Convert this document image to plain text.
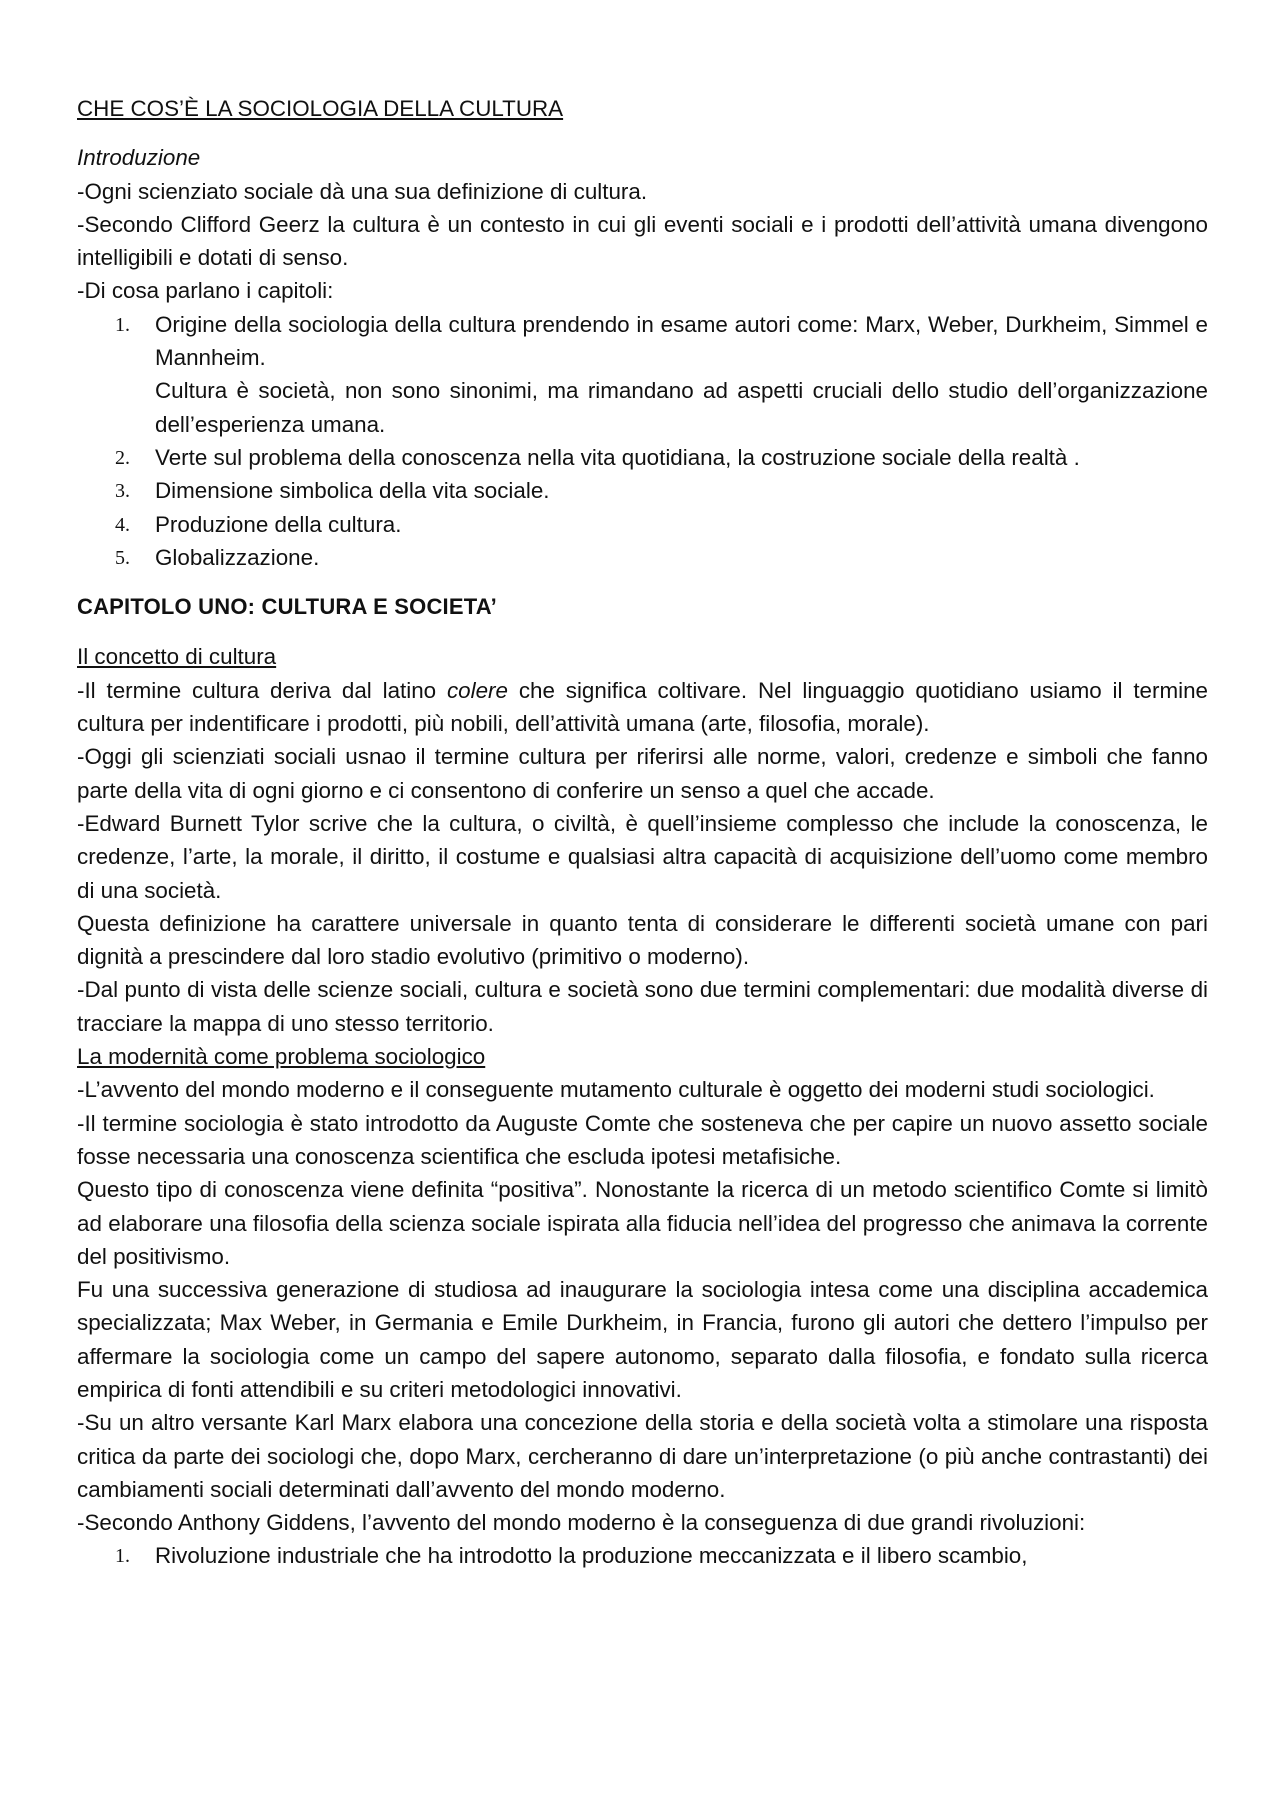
CHE COS’È LA SOCIOLOGIA DELLA CULTURA

Introduzione

-Ogni scienziato sociale dà una sua definizione di cultura.

-Secondo Clifford Geerz la cultura è un contesto in cui gli eventi sociali e i prodotti dell’attività umana divengono intelligibili e dotati di senso.

-Di cosa parlano i capitoli:

1. Origine della sociologia della cultura prendendo in esame autori come: Marx, Weber, Durkheim, Simmel e Mannheim.
Cultura è società, non sono sinonimi, ma rimandano ad aspetti cruciali dello studio dell’organizzazione dell’esperienza umana.
2. Verte sul problema della conoscenza nella vita quotidiana, la costruzione sociale della realtà .
3. Dimensione simbolica della vita sociale.
4. Produzione della cultura.
5. Globalizzazione.
CAPITOLO UNO: CULTURA E SOCIETA’

Il concetto di cultura

-Il termine cultura deriva dal latino colere che significa coltivare. Nel linguaggio quotidiano usiamo il termine cultura per indentificare i prodotti, più nobili, dell’attività umana (arte, filosofia, morale).

-Oggi gli scienziati sociali usnao il termine cultura per riferirsi alle norme, valori, credenze e simboli che fanno parte della vita di ogni giorno e ci consentono di conferire un senso a quel che accade.

-Edward Burnett Tylor scrive che la cultura, o civiltà, è quell’insieme complesso che include la conoscenza, le credenze, l’arte, la morale, il diritto, il costume e qualsiasi altra capacità di acquisizione dell’uomo come membro di una società.

Questa definizione ha carattere universale in quanto tenta di considerare le differenti società umane con pari dignità a prescindere dal loro stadio evolutivo (primitivo o moderno).

-Dal punto di vista delle scienze sociali, cultura e società sono due termini complementari: due modalità diverse di tracciare la mappa di uno stesso territorio.

La modernità come problema sociologico

-L’avvento del mondo moderno e il conseguente mutamento culturale è oggetto dei moderni studi sociologici.

-Il termine sociologia è stato introdotto da Auguste Comte che sosteneva che per capire un nuovo assetto sociale fosse necessaria una conoscenza scientifica che escluda ipotesi metafisiche.

Questo tipo di conoscenza viene definita “positiva”. Nonostante la ricerca di un metodo scientifico Comte si limitò ad elaborare una filosofia della scienza sociale ispirata alla fiducia nell’idea del progresso che animava la corrente del positivismo.

Fu una successiva generazione di studiosa ad inaugurare la sociologia intesa come una disciplina accademica specializzata; Max Weber, in Germania e Emile Durkheim, in Francia, furono gli autori che dettero l’impulso per affermare la sociologia come un campo del sapere autonomo, separato dalla filosofia, e fondato sulla ricerca empirica di fonti attendibili e su criteri metodologici innovativi.

-Su un altro versante Karl Marx elabora una concezione della storia e della società volta a stimolare una risposta critica da parte dei sociologi che, dopo Marx, cercheranno di dare un’interpretazione (o più anche contrastanti) dei cambiamenti sociali determinati dall’avvento del mondo moderno.

-Secondo Anthony Giddens, l’avvento del mondo moderno è la conseguenza di due grandi rivoluzioni:

1. Rivoluzione industriale che ha introdotto la produzione meccanizzata e il libero scambio,
